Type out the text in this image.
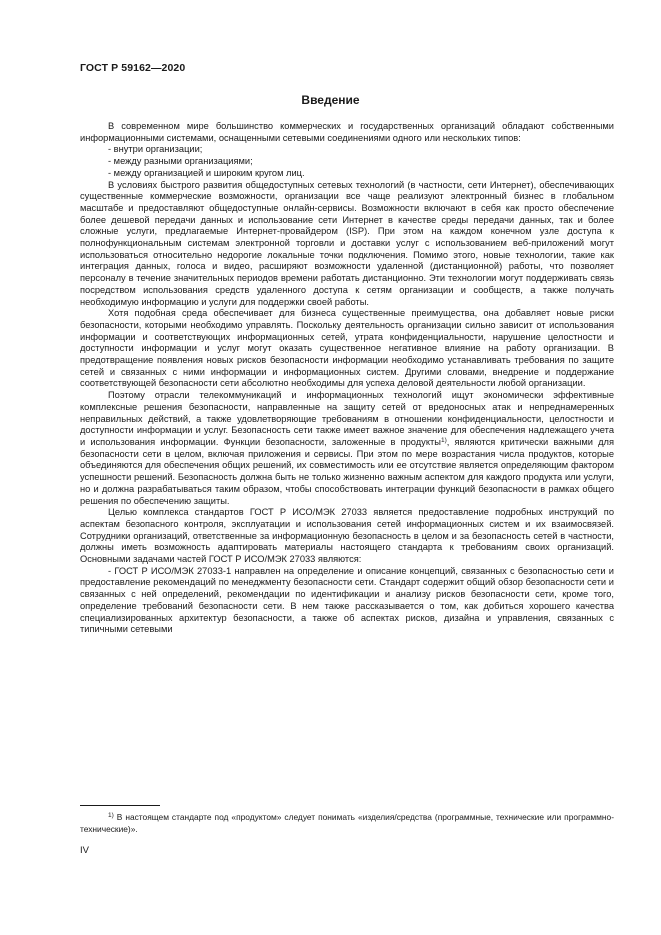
ГОСТ Р 59162—2020
Введение

В современном мире большинство коммерческих и государственных организаций обладают собственными информационными системами, оснащенными сетевыми соединениями одного или нескольких типов:

- внутри организации;
- между разными организациями;
- между организацией и широким кругом лиц.

В условиях быстрого развития общедоступных сетевых технологий (в частности, сети Интернет), обеспечивающих существенные коммерческие возможности, организации все чаще реализуют электронный бизнес в глобальном масштабе и предоставляют общедоступные онлайн-сервисы. Возможности включают в себя как просто обеспечение более дешевой передачи данных и использование сети Интернет в качестве среды передачи данных, так и более сложные услуги, предлагаемые Интернет-провайдером (ISP). При этом на каждом конечном узле доступа к полнофункциональным системам электронной торговли и доставки услуг с использованием веб-приложений могут использоваться относительно недорогие локальные точки подключения. Помимо этого, новые технологии, такие как интеграция данных, голоса и видео, расширяют возможности удаленной (дистанционной) работы, что позволяет персоналу в течение значительных периодов времени работать дистанционно. Эти технологии могут поддерживать связь посредством использования средств удаленного доступа к сетям организации и сообществ, а также получать необходимую информацию и услуги для поддержки своей работы.

Хотя подобная среда обеспечивает для бизнеса существенные преимущества, она добавляет новые риски безопасности, которыми необходимо управлять. Поскольку деятельность организации сильно зависит от использования информации и соответствующих информационных сетей, утрата конфиденциальности, нарушение целостности и доступности информации и услуг могут оказать существенное негативное влияние на работу организации. В предотвращение появления новых рисков безопасности информации необходимо устанавливать требования по защите сетей и связанных с ними информации и информационных систем. Другими словами, внедрение и поддержание соответствующей безопасности сети абсолютно необходимы для успеха деловой деятельности любой организации.

Поэтому отрасли телекоммуникаций и информационных технологий ищут экономически эффективные комплексные решения безопасности, направленные на защиту сетей от вредоносных атак и непреднамеренных неправильных действий, а также удовлетворяющие требованиям в отношении конфиденциальности, целостности и доступности информации и услуг. Безопасность сети также имеет важное значение для обеспечения надлежащего учета и использования информации. Функции безопасности, заложенные в продукты$^{1)}$, являются критически важными для безопасности сети в целом, включая приложения и сервисы. При этом по мере возрастания числа продуктов, которые объединяются для обеспечения общих решений, их совместимость или ее отсутствие является определяющим фактором успешности решений. Безопасность должна быть не только жизненно важным аспектом для каждого продукта или услуги, но и должна разрабатываться таким образом, чтобы способствовать интеграции функций безопасности в рамках общего решения по обеспечению защиты.

Целью комплекса стандартов ГОСТ Р ИСО/МЭК 27033 является предоставление подробных инструкций по аспектам безопасного контроля, эксплуатации и использования сетей информационных систем и их взаимосвязей. Сотрудники организаций, ответственные за информационную безопасность в целом и за безопасность сетей в частности, должны иметь возможность адаптировать материалы настоящего стандарта к требованиям своих организаций. Основными задачами частей ГОСТ Р ИСО/МЭК 27033 являются:

- ГОСТ Р ИСО/МЭК 27033-1 направлен на определение и описание концепций, связанных с безопасностью сети и предоставление рекомендаций по менеджменту безопасности сети. Стандарт содержит общий обзор безопасности сети и связанных с ней определений, рекомендации по идентификации и анализу рисков безопасности сети, кроме того, определение требований безопасности сети. В нем также рассказывается о том, как добиться хорошего качества специализированных архитектур безопасности, а также об аспектах рисков, дизайна и управления, связанных с типичными сетевыми

$^{1)}$ В настоящем стандарте под «продуктом» следует понимать «изделия/средства (программные, технические или программно-технические)».
IV
